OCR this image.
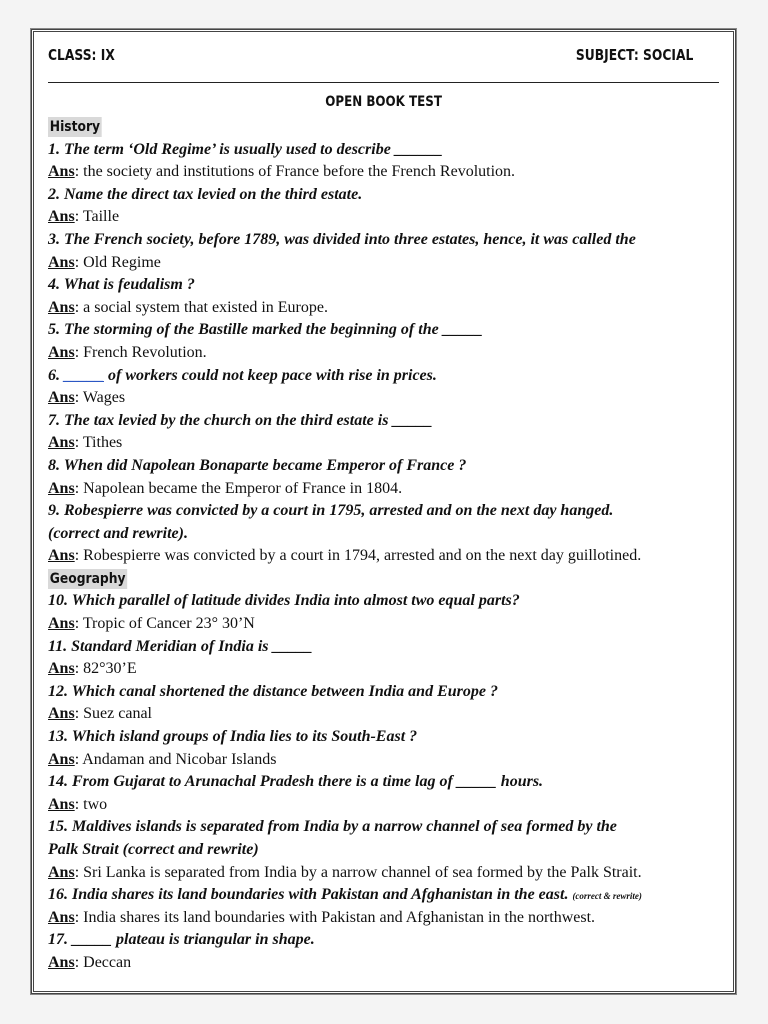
CLASS: IX	SUBJECT: SOCIAL
OPEN BOOK TEST
History
1. The term ‘Old Regime’ is usually used to describe ______
Ans: the society and institutions of France before the French Revolution.
2. Name the direct tax levied on the third estate.
Ans: Taille
3. The French society, before 1789, was divided into three estates, hence, it was called the
Ans: Old Regime
4. What is feudalism ?
Ans: a social system that existed in Europe.
5. The storming of the Bastille marked the beginning of the _____
Ans: French Revolution.
6. _____ of workers could not keep pace with rise in prices.
Ans: Wages
7. The tax levied by the church on the third estate is _____
Ans: Tithes
8. When did Napolean Bonaparte became Emperor of France ?
Ans: Napolean became the Emperor of France in 1804.
9. Robespierre was convicted by a court in 1795, arrested and on the next day hanged.
(correct and rewrite).
Ans: Robespierre was convicted by a court in 1794, arrested and on the next day guillotined.
Geography
10. Which parallel of latitude divides India into almost two equal parts?
Ans: Tropic of Cancer 23° 30’N
11. Standard Meridian of India is _____
Ans: 82°30’E
12. Which canal shortened the distance between India and Europe ?
Ans: Suez canal
13. Which island groups of India lies to its South-East ?
Ans: Andaman and Nicobar Islands
14. From Gujarat to Arunachal Pradesh there is a time lag of _____ hours.
Ans: two
15. Maldives islands is separated from India by a narrow channel of sea formed by the
Palk Strait (correct and rewrite)
Ans: Sri Lanka is separated from India by a narrow channel of sea formed by the Palk Strait.
16. India shares its land boundaries with Pakistan and Afghanistan in the east. (correct & rewrite)
Ans: India shares its land boundaries with Pakistan and Afghanistan in the northwest.
17. _____ plateau is triangular in shape.
Ans: Deccan
